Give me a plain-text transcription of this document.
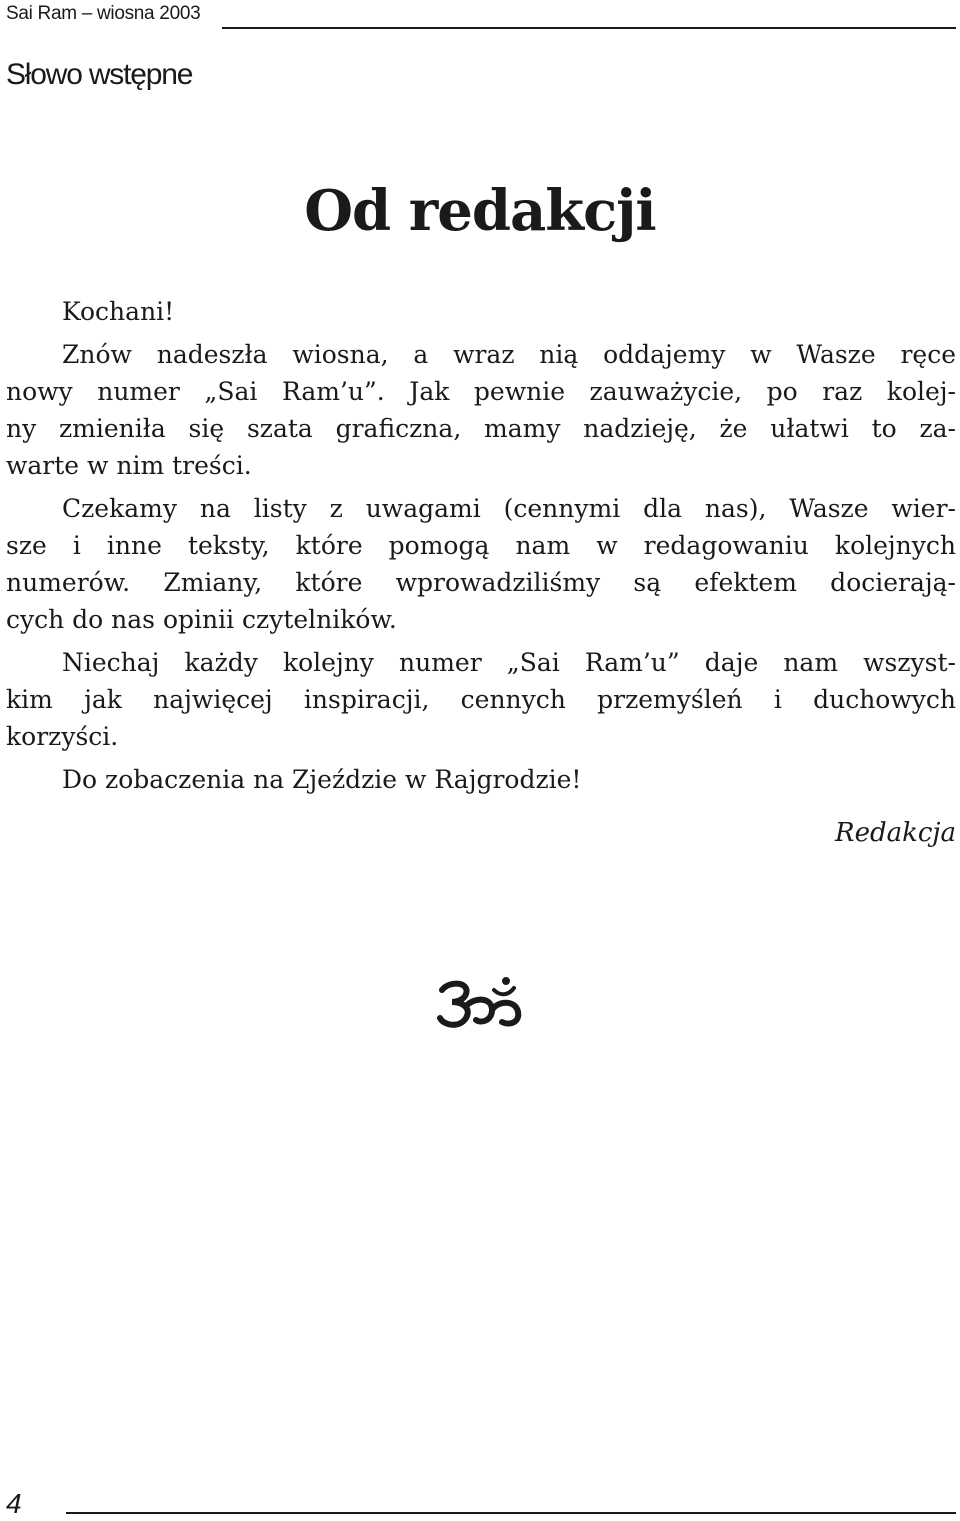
Sai Ram – wiosna 2003
Słowo wstępne
Od redakcji
Kochani!
Znów nadeszła wiosna, a wraz nią oddajemy w Wasze ręce
nowy numer „Sai Ram’u”. Jak pewnie zauważycie, po raz kolej-
ny zmieniła się szata graficzna, mamy nadzieję, że ułatwi to za-
warte w nim treści.
Czekamy na listy z uwagami (cennymi dla nas), Wasze wier-
sze i inne teksty, które pomogą nam w redagowaniu kolejnych
numerów. Zmiany, które wprowadziliśmy są efektem docierają-
cych do nas opinii czytelników.
Niechaj każdy kolejny numer „Sai Ram’u” daje nam wszyst-
kim jak najwięcej inspiracji, cennych przemyśleń i duchowych
korzyści.
Do zobaczenia na Zjeździe w Rajgrodzie!
Redakcja
4
